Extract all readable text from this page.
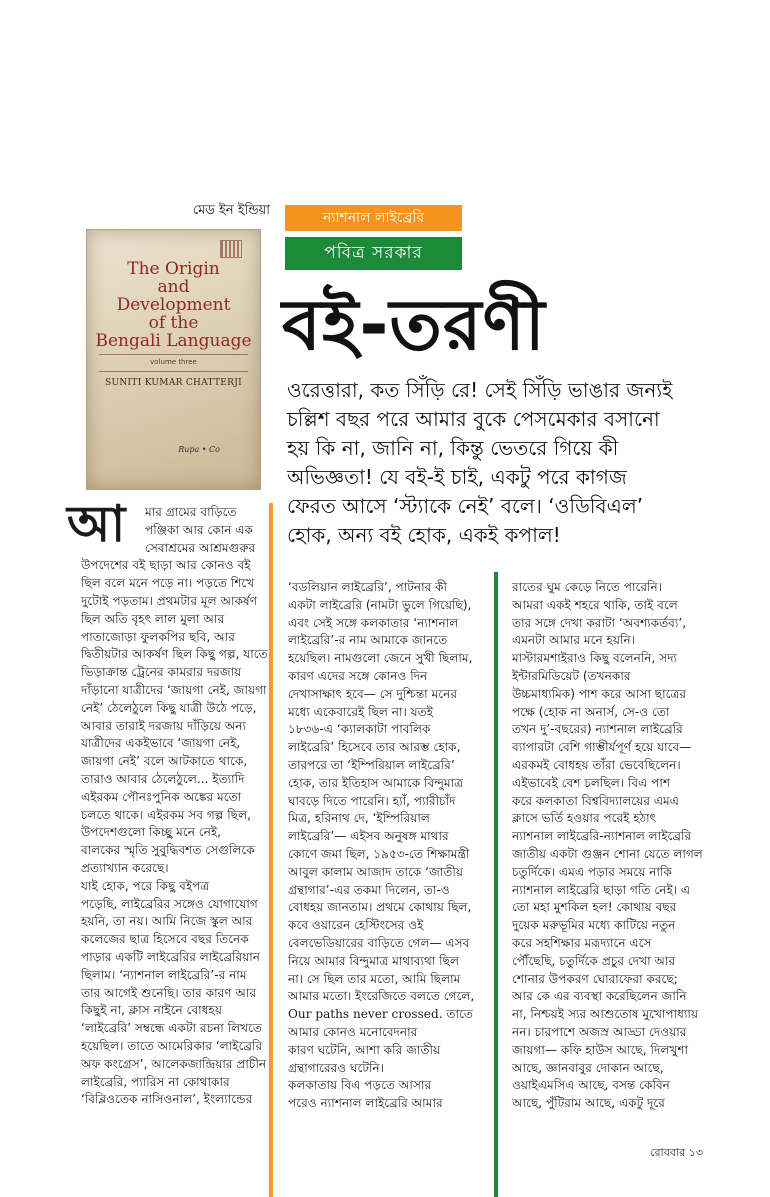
মেড ইন ইন্ডিয়া
The Origin
and
Development
of the
Bengali Language
volume three
SUNITI KUMAR CHATTERJI
Rupa • Co
ন্যাশনাল লাইব্রেরি
পবিত্র সরকার
বই-তরণী
ওরেত্তারা, কত সিঁড়ি রে! সেই সিঁড়ি ভাঙার জন্যই
চল্লিশ বছর পরে আমার বুকে পেসমেকার বসানো
হয় কি না, জানি না, কিন্তু ভেতরে গিয়ে কী
অভিজ্ঞতা! যে বই-ই চাই, একটু পরে কাগজ
ফেরত আসে ‘স্ট্যাকে নেই’ বলে। ‘ওডিবিএল’
হোক, অন্য বই হোক, একই কপাল!
আ	মার গ্রামের বাড়িতে
পঞ্জিকা আর কোন এক
সেবাশ্রমের আশ্রমগুরুর
উপদেশের বই ছাড়া আর কোনও বই
ছিল বলে মনে পড়ে না। পড়তে শিখে
দুটোই পড়তাম। প্রথমটার মূল আকর্ষণ
ছিল অতি বৃহৎ লাল মুলা আর
পাতাজোড়া ফুলকপির ছবি, আর
দ্বিতীয়টার আকর্ষণ ছিল কিছু গল্প, যাতে
ভিড়াক্রান্ত ট্রেনের কামরার দরজায়
দাঁড়ানো যাত্রীদের ‘জায়গা নেই, জায়গা
নেই’ ঠেলেঠুলে কিছু যাত্রী উঠে পড়ে,
আবার তারাই দরজায় দাঁড়িয়ে অন্য
যাত্রীদের একইভাবে ‘জায়গা নেই,
জায়গা নেই’ বলে আটকাতে থাকে,
তারাও আবার ঠেলেঠুলে... ইত্যাদি
এইরকম পৌনঃপুনিক অঙ্কের মতো
চলতে থাকে। এইরকম সব গল্প ছিল,
উপদেশগুলো কিচ্ছু মনে নেই,
বালকের স্মৃতি সুবুদ্ধিবশত সেগুলিকে
প্রত্যাখ্যান করেছে।
যাই হোক, পরে কিছু বইপত্র
পড়েছি, লাইব্রেরির সঙ্গেও যোগাযোগ
হয়নি, তা নয়। আমি নিজে স্কুল আর
কলেজের ছাত্র হিসেবে বছর তিনেক
পাড়ার একটি লাইব্রেরির লাইব্রেরিয়ান
ছিলাম। ‘ন্যাশনাল লাইব্রেরি’-র নাম
তার আগেই শুনেছি। তার কারণ আর
কিছুই না, ক্লাস নাইনে বোধহয়
‘লাইব্রেরি’ সম্বন্ধে একটা রচনা লিখতে
হয়েছিল। তাতে আমেরিকার ‘লাইব্রেরি
অফ কংগ্রেস’, আলেকজান্দ্রিয়ার প্রাচীন
লাইব্রেরি, প্যারিস না কোথাকার
‘বিব্লিওতেক নাসিওনাল’, ইংল্যান্ডের
‘বডলিয়ান লাইব্রেরি’, পাটনার কী
একটা লাইব্রেরি (নামটা ভুলে গিয়েছি),
এবং সেই সঙ্গে কলকাতার ‘ন্যাশনাল
লাইব্রেরি’-র নাম আমাকে জানতে
হয়েছিল। নামগুলো জেনে সুখী ছিলাম,
কারণ এদের সঙ্গে কোনও দিন
দেখাসাক্ষাৎ হবে— সে দুশ্চিন্তা মনের
মধ্যে একেবারেই ছিল না। যতই
১৮৩৬-এ ‘ক্যালকাটা পাবলিক
লাইব্রেরি’ হিসেবে তার আরম্ভ হোক,
তারপরে তা ‘ইম্পিরিয়াল লাইব্রেরি’
হোক, তার ইতিহাস আমাকে বিন্দুমাত্র
ঘাবড়ে দিতে পারেনি। হ্যাঁ, প্যারীচাঁদ
মিত্র, হরিনাথ দে, ‘ইম্পিরিয়াল
লাইব্রেরি’— এইসব অনুষঙ্গ মাথার
কোণে জমা ছিল, ১৯৫৩-তে শিক্ষামন্ত্রী
আবুল কালাম আজাদ তাকে ‘জাতীয়
গ্রন্থাগার’-এর তকমা দিলেন, তা-ও
বোধহয় জানতাম। প্রথমে কোথায় ছিল,
কবে ওয়ারেন হেস্টিংসের ওই
বেলভেডিয়ারের বাড়িতে গেল— এসব
নিয়ে আমার বিন্দুমাত্র মাথাব্যথা ছিল
না। সে ছিল তার মতো, আমি ছিলাম
আমার মতো। ইংরেজিতে বলতে গেলে,
Our paths never crossed. তাতে
আমার কোনও মনোবেদনার
কারণ ঘটেনি, আশা করি জাতীয়
গ্রন্থাগারেরও ঘটেনি।
কলকাতায় বিএ পড়তে আসার
পরেও ন্যাশনাল লাইব্রেরি আমার
রাতের ঘুম কেড়ে নিতে পারেনি।
আমরা একই শহরে থাকি, তাই বলে
তার সঙ্গে দেখা করাটা ‘অবশ্যকর্তব্য’,
এমনটা আমার মনে হয়নি।
মাস্টারমশাইরাও কিছু বলেননি, সদ্য
ইন্টারমিডিয়েট (তখনকার
উচ্চমাধ্যমিক) পাশ করে আসা ছাত্রের
পক্ষে (হোক না অনার্স, সে-ও তো
তখন দু’-বছরের) ন্যাশনাল লাইব্রেরি
ব্যাপারটা বেশি গাম্ভীর্যপূর্ণ হয়ে যাবে—
এরকমই বোধহয় তাঁরা ভেবেছিলেন।
এইভাবেই বেশ চলছিল। বিএ পাশ
করে কলকাতা বিশ্ববিদ্যালয়ের এমএ
ক্লাসে ভর্তি হওয়ার পরেই হঠাৎ
ন্যাশনাল লাইব্রেরি-ন্যাশনাল লাইব্রেরি
জাতীয় একটা গুঞ্জন শোনা যেতে লাগল
চতুর্দিকে। এমএ পড়ার সময়ে নাকি
ন্যাশনাল লাইব্রেরি ছাড়া গতি নেই। এ
তো মহা মুশকিল হল! কোথায় বছর
দুয়েক মরুভূমির মধ্যে কাটিয়ে নতুন
করে সহশিক্ষার মরূদ্যানে এসে
পৌঁছেছি, চতুর্দিকে প্রচুর দেখা আর
শোনার উপকরণ ঘোরাফেরা করছে;
আর কে এর ব্যবস্থা করেছিলেন জানি
না, নিশ্চয়ই স্যর আশুতোষ মুখোপাধ্যায়
নন। চারপাশে অজস্র আড্ডা দেওয়ার
জায়গা— কফি হাউস আছে, দিলখুশা
আছে, জ্ঞানবাবুর দোকান আছে,
ওয়াইএমসিএ আছে, বসন্ত কেবিন
আছে, পুঁটিরাম আছে, একটু দূরে
রোববার ১৩
